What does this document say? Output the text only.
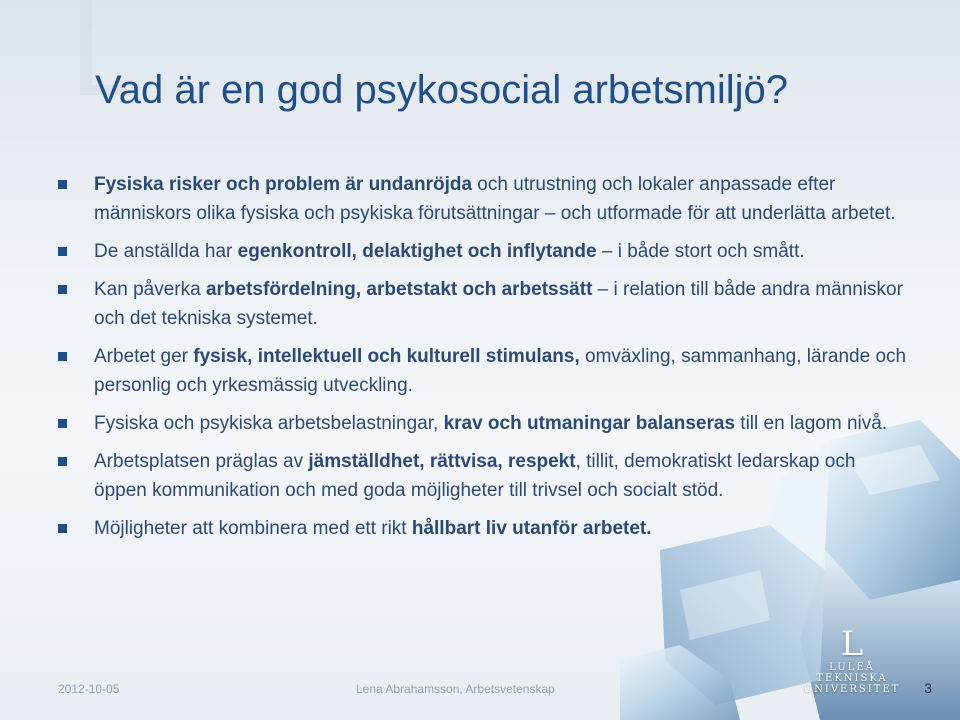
Vad är en god psykosocial arbetsmiljö?
Fysiska risker och problem är undanröjda och utrustning och lokaler anpassade efter människors olika fysiska och psykiska förutsättningar – och utformade för att underlätta arbetet.
De anställda har egenkontroll, delaktighet och inflytande – i både stort och smått.
Kan påverka arbetsfördelning, arbetstakt och arbetssätt – i relation till både andra människor och det tekniska systemet.
Arbetet ger fysisk, intellektuell och kulturell stimulans, omväxling, sammanhang, lärande och personlig och yrkesmässig utveckling.
Fysiska och psykiska arbetsbelastningar, krav och utmaningar balanseras till en lagom nivå.
Arbetsplatsen präglas av jämställdhet, rättvisa, respekt, tillit, demokratiskt ledarskap och öppen kommunikation och med goda möjligheter till trivsel och socialt stöd.
Möjligheter att kombinera med ett rikt hållbart liv utanför arbetet.
2012-10-05	Lena Abrahamsson, Arbetsvetenskap
L
LULEÅ
TEKNISKA
UNIVERSITET	3
